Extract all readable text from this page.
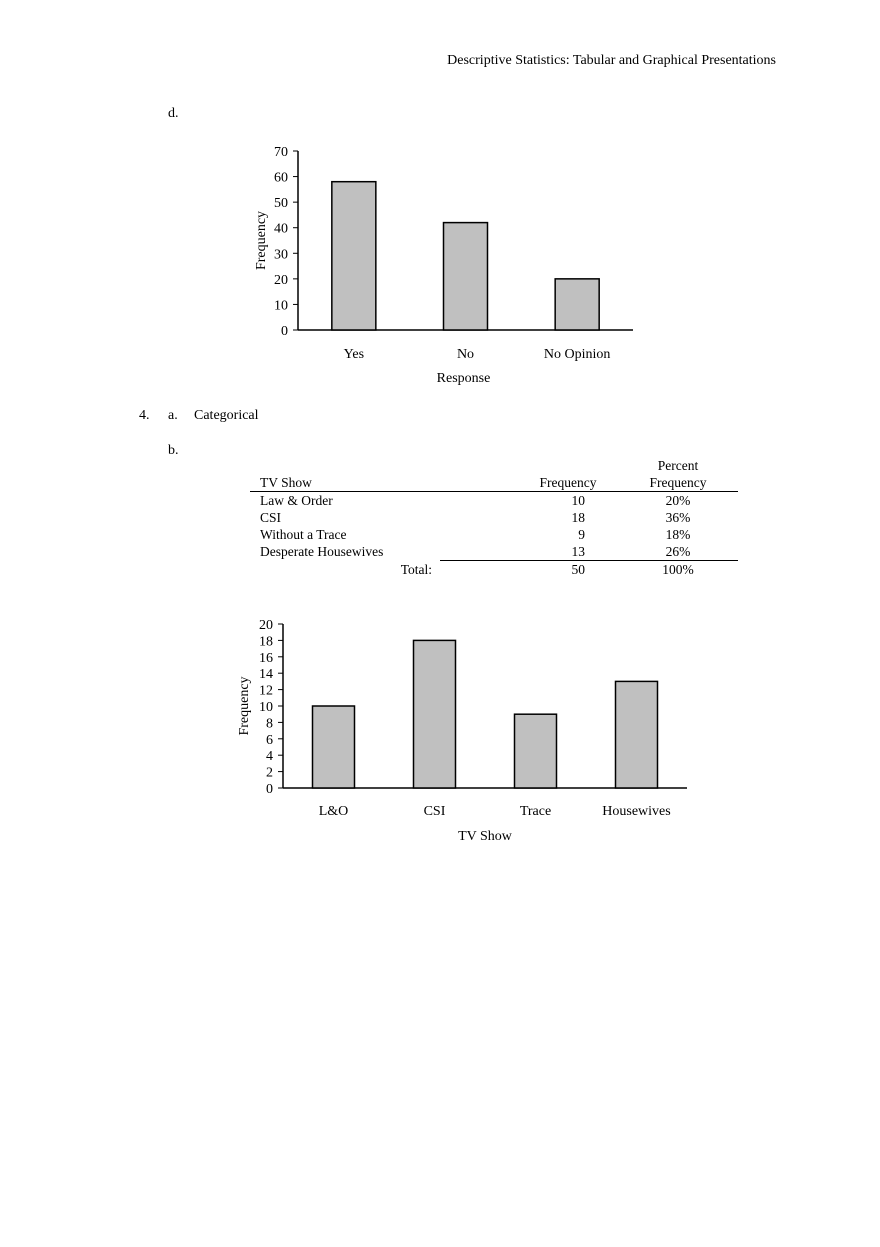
Descriptive Statistics: Tabular and Graphical Presentations
d.
0
10
20
30
40
50
60
70
Yes	No	No Opinion
Response
Frequency
4. a. Categorical
b.
			Percent
TV Show		Frequency	Frequency
Law & Order		10	20%
CSI		18	36%
Without a Trace		9	18%
Desperate Housewives		13	26%
Total:		50	100%
0
2
4
6
8
10
12
14
16
18
20
L&O	CSI	Trace	Housewives
TV Show
Frequency
